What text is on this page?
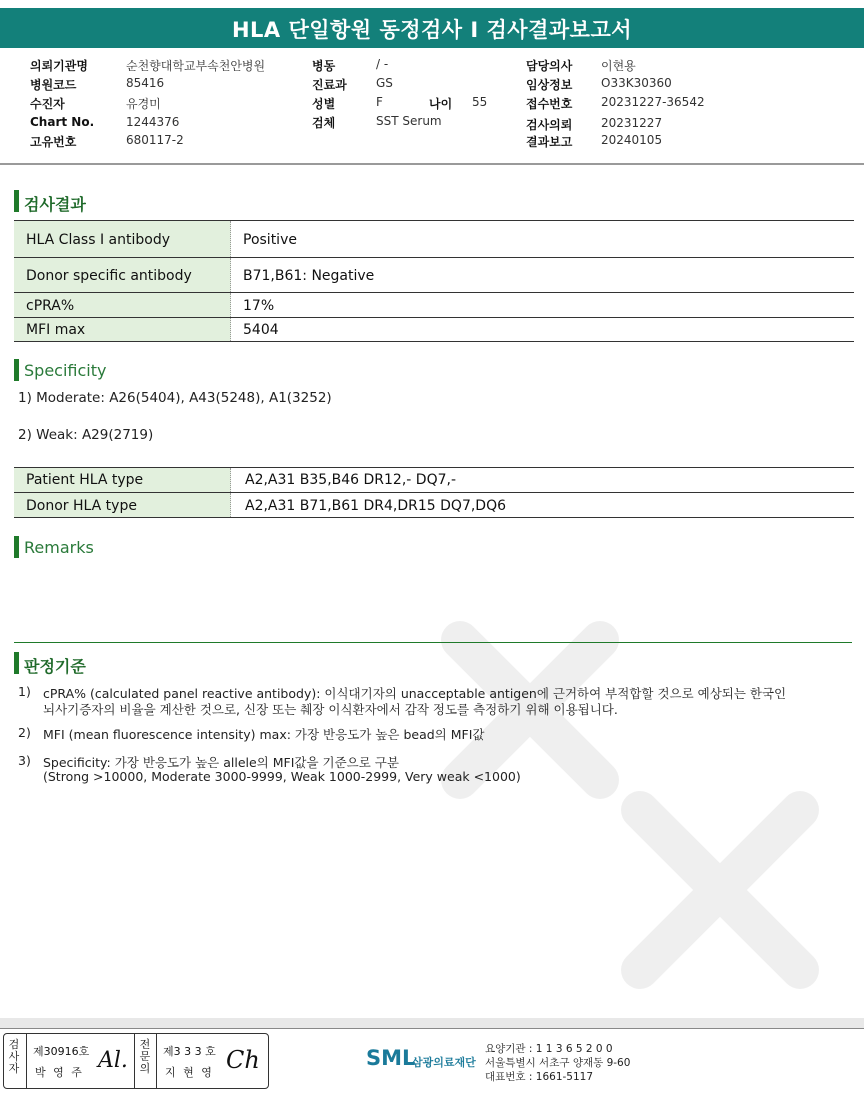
HLA 단일항원 동정검사 I 검사결과보고서
의뢰기관명	순천향대학교부속천안병원
병원코드	85416
수진자	유경미
Chart No.	1244376
고유번호	680117-2
병동	/ -
진료과 GS
성별	F	나이 55
검체	SST Serum
담당의사 이현용
임상정보 O33K30360
접수번호 20231227-36542
검사의뢰 20231227
결과보고 20240105
검사결과
HLA Class I antibody	Positive
Donor specific antibody	B71,B61: Negative
cPRA%	17%
MFI max	5404
Specificity
1) Moderate: A26(5404), A43(5248), A1(3252)
2) Weak: A29(2719)
Patient HLA type	A2,A31 B35,B46 DR12,- DQ7,-
Donor HLA type	A2,A31 B71,B61 DR4,DR15 DQ7,DQ6
Remarks
판정기준
1) cPRA% (calculated panel reactive antibody): 이식대기자의 unacceptable antigen에 근거하여 부적합할 것으로 예상되는 한국인
뇌사기증자의 비율을 계산한 것으로, 신장 또는 췌장 이식환자에서 감작 정도를 측정하기 위해 이용됩니다.
2) MFI (mean fluorescence intensity) max: 가장 반응도가 높은 bead의 MFI값
3) Specificity: 가장 반응도가 높은 allele의 MFI값을 기준으로 구분
(Strong >10000, Moderate 3000-9999, Weak 1000-2999, Very weak <1000)
검
사
자
제30916호
박 영 주 Al.
전
문
의
제3 3 3 호
지 현 영 Ch	SML
삼광의료재단
요양기관 : 1 1 3 6 5 2 0 0
서울특별시 서초구 양재동 9-60
대표번호 : 1661-5117
